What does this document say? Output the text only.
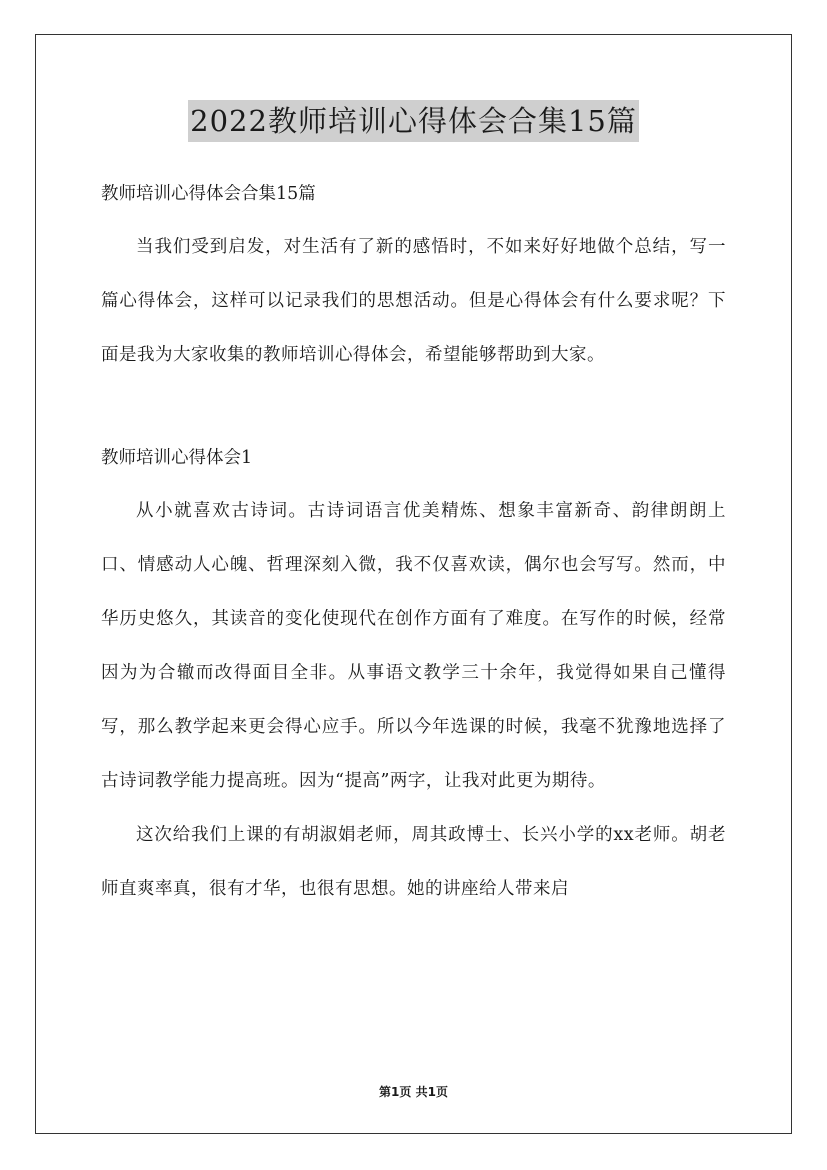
2022教师培训心得体会合集15篇

教师培训心得体会合集15篇

当我们受到启发，对生活有了新的感悟时，不如来好好地做个总结，写一篇心得体会，这样可以记录我们的思想活动。但是心得体会有什么要求呢？下面是我为大家收集的教师培训心得体会，希望能够帮助到大家。

教师培训心得体会1

从小就喜欢古诗词。古诗词语言优美精炼、想象丰富新奇、韵律朗朗上口、情感动人心魄、哲理深刻入微，我不仅喜欢读，偶尔也会写写。然而，中华历史悠久，其读音的变化使现代在创作方面有了难度。在写作的时候，经常因为为合辙而改得面目全非。从事语文教学三十余年，我觉得如果自己懂得写，那么教学起来更会得心应手。所以今年选课的时候，我毫不犹豫地选择了古诗词教学能力提高班。因为“提高”两字，让我对此更为期待。

这次给我们上课的有胡淑娟老师，周其政博士、长兴小学的xx老师。胡老师直爽率真，很有才华，也很有思想。她的讲座给人带来启

第1页 共1页
